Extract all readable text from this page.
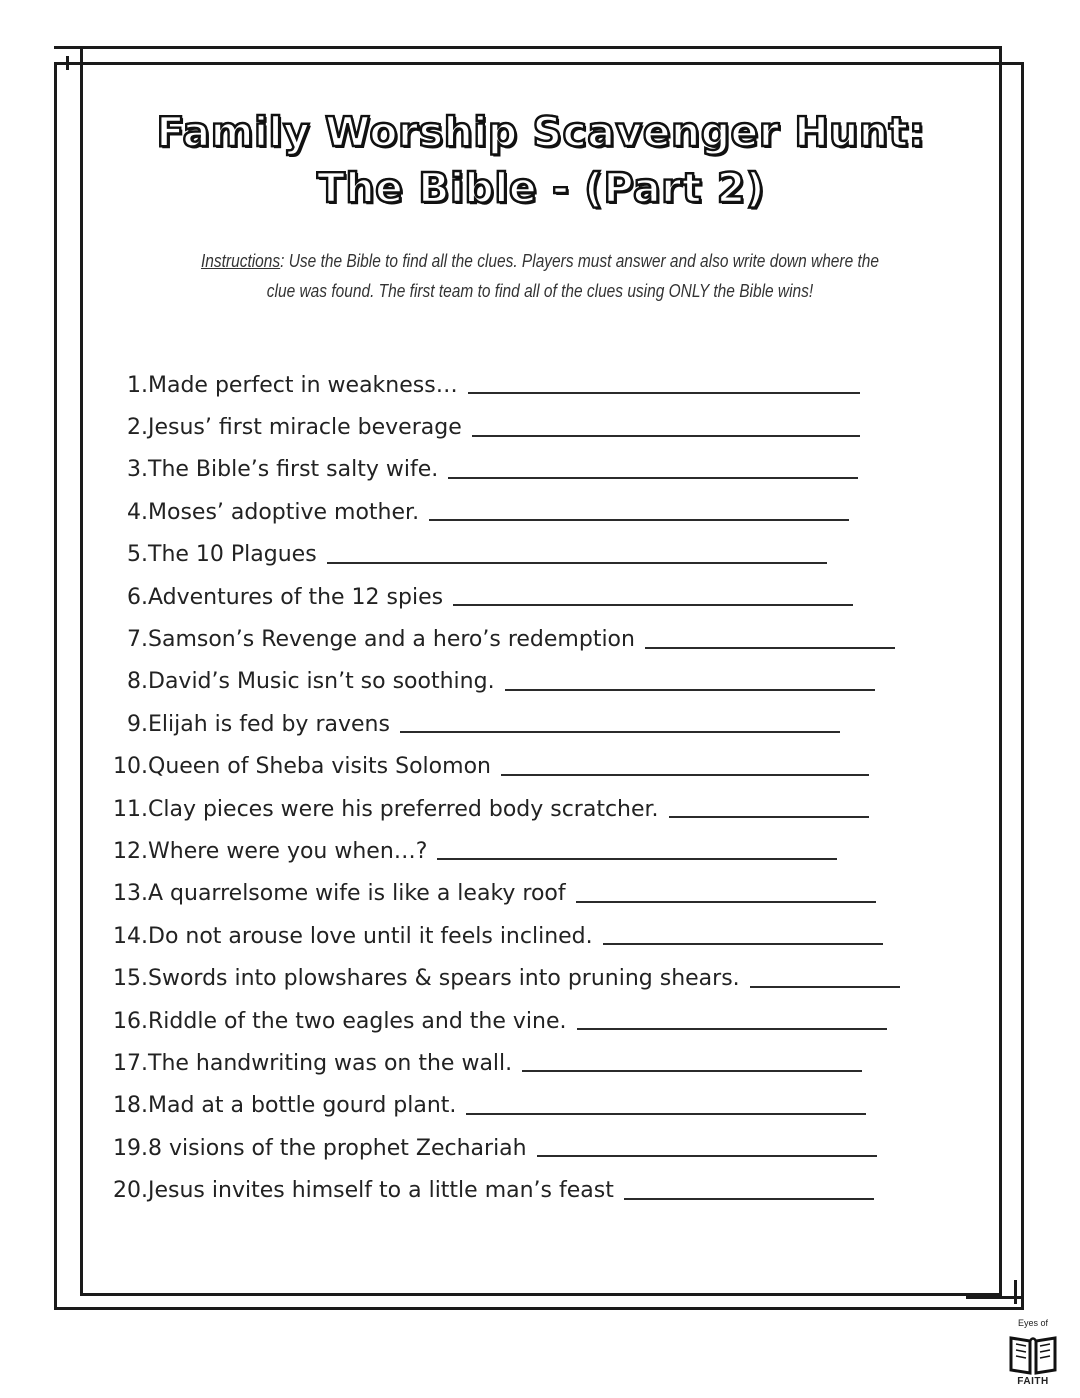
Family Worship Scavenger Hunt:
The Bible - (Part 2)
Instructions: Use the Bible to find all the clues. Players must answer and also write down where the
clue was found. The first team to find all of the clues using ONLY the Bible wins!
1. Made perfect in weakness…
2. Jesus’ first miracle beverage
3. The Bible’s first salty wife.
4. Moses’ adoptive mother.
5. The 10 Plagues
6. Adventures of the 12 spies
7. Samson’s Revenge and a hero’s redemption
8. David’s Music isn’t so soothing.
9. Elijah is fed by ravens
10. Queen of Sheba visits Solomon
11. Clay pieces were his preferred body scratcher.
12. Where were you when…?
13. A quarrelsome wife is like a leaky roof
14. Do not arouse love until it feels inclined.
15. Swords into plowshares & spears into pruning shears.
16. Riddle of the two eagles and the vine.
17. The handwriting was on the wall.
18. Mad at a bottle gourd plant.
19. 8 visions of the prophet Zechariah
20. Jesus invites himself to a little man’s feast
Eyes of
FAITH
